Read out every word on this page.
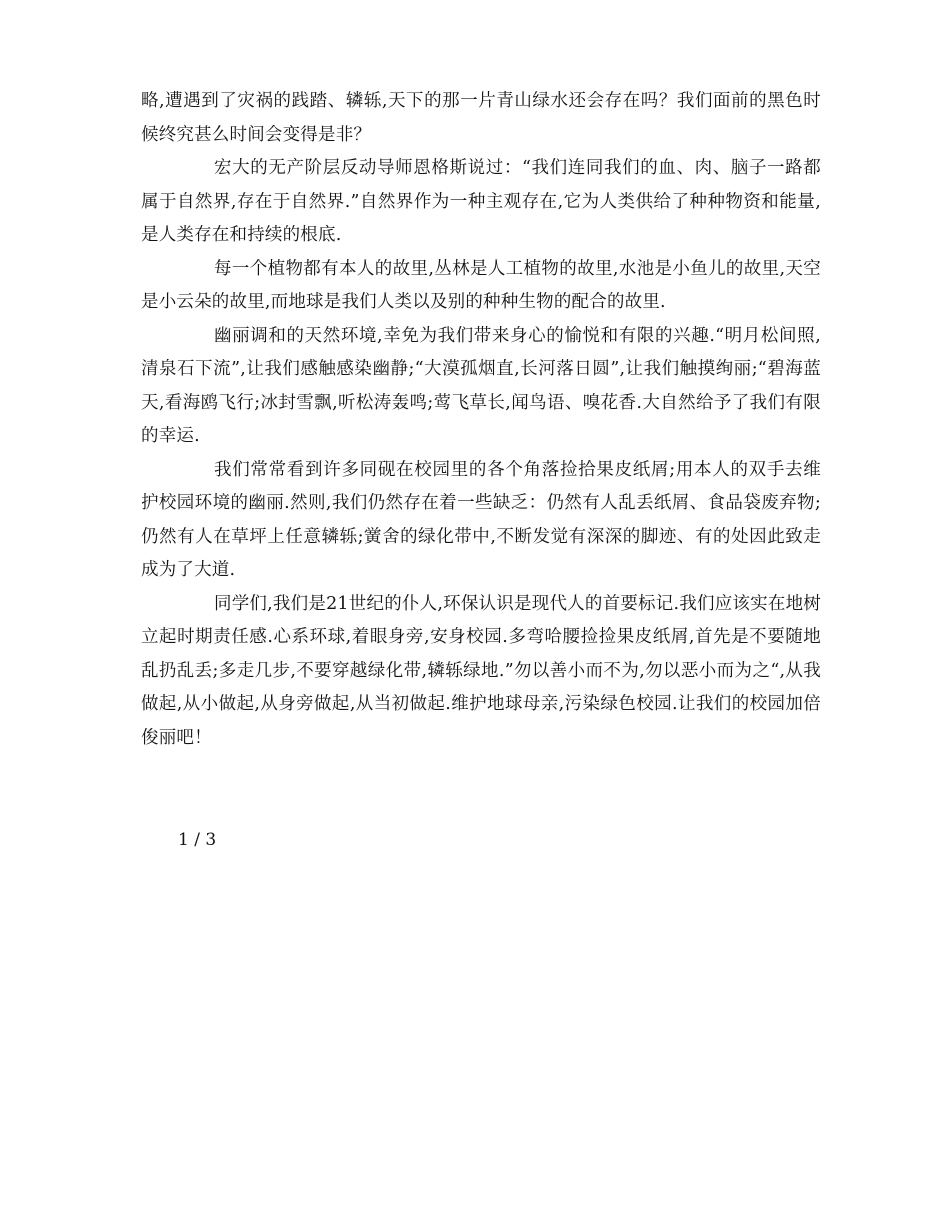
略,遭遇到了灾祸的践踏、辚轹,天下的那一片青山绿水还会存在吗？我们面前的黑色时候终究甚么时间会变得是非？

宏大的无产阶层反动导师恩格斯说过：“我们连同我们的血、肉、脑子一路都属于自然界,存在于自然界.”自然界作为一种主观存在,它为人类供给了种种物资和能量,是人类存在和持续的根底.

每一个植物都有本人的故里,丛林是人工植物的故里,水池是小鱼儿的故里,天空是小云朵的故里,而地球是我们人类以及别的种种生物的配合的故里.

幽丽调和的天然环境,幸免为我们带来身心的愉悦和有限的兴趣.“明月松间照,清泉石下流”,让我们感触感染幽静;“大漠孤烟直,长河落日圆”,让我们触摸绚丽;“碧海蓝天,看海鸥飞行;冰封雪飘,听松涛轰鸣;莺飞草长,闻鸟语、嗅花香.大自然给予了我们有限的幸运.

我们常常看到许多同砚在校园里的各个角落捡拾果皮纸屑;用本人的双手去维护校园环境的幽丽.然则,我们仍然存在着一些缺乏：仍然有人乱丢纸屑、食品袋废弃物;仍然有人在草坪上任意辚轹;黉舍的绿化带中,不断发觉有深深的脚迹、有的处因此致走成为了大道.

同学们,我们是21世纪的仆人,环保认识是现代人的首要标记.我们应该实在地树立起时期责任感.心系环球,着眼身旁,安身校园.多弯哈腰捡捡果皮纸屑,首先是不要随地乱扔乱丢;多走几步,不要穿越绿化带,辚轹绿地.”勿以善小而不为,勿以恶小而为之“,从我做起,从小做起,从身旁做起,从当初做起.维护地球母亲,污染绿色校园.让我们的校园加倍俊丽吧！

1 / 3
